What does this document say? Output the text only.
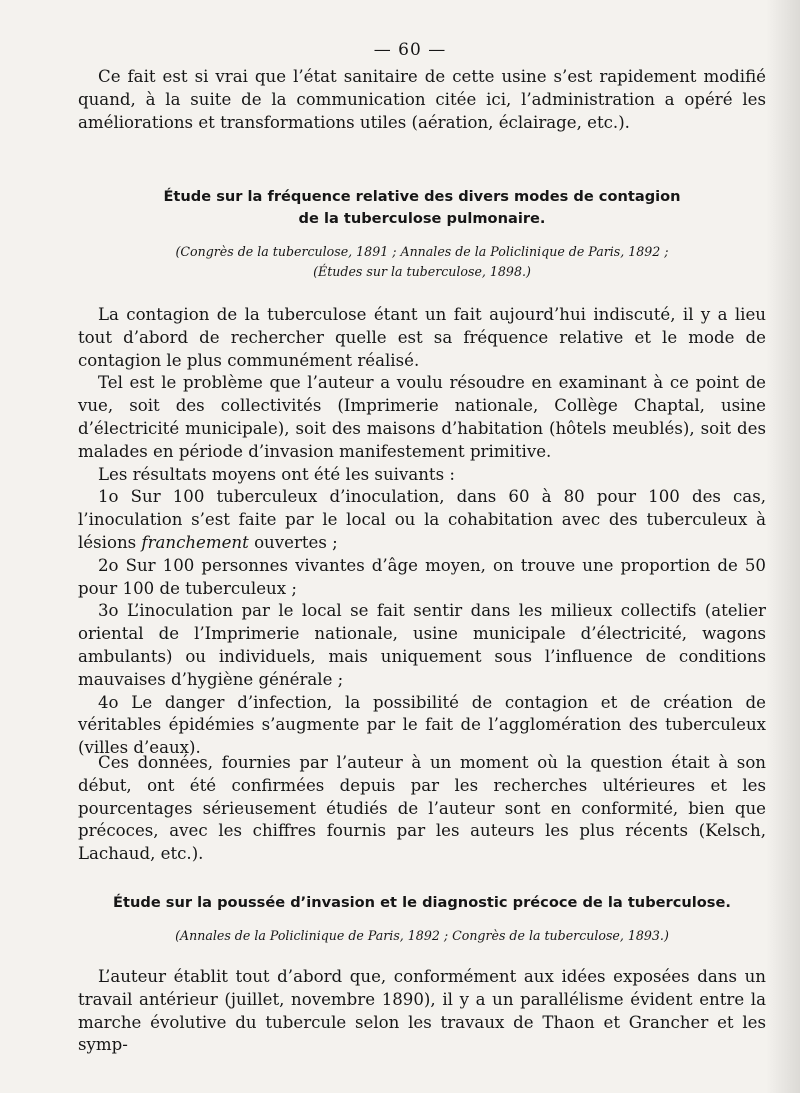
— 60 —

Ce fait est si vrai que l’état sanitaire de cette usine s’est rapidement modifié quand, à la suite de la communication citée ici, l’administration a opéré les améliorations et transformations utiles (aération, éclairage, etc.).

Étude sur la fréquence relative des divers modes de contagion

de la tuberculose pulmonaire.

(Congrès de la tuberculose, 1891 ; Annales de la Policlinique de Paris, 1892 ;

(Études sur la tuberculose, 1898.)

La contagion de la tuberculose étant un fait aujourd’hui indiscuté, il y a lieu tout d’abord de rechercher quelle est sa fréquence relative et le mode de contagion le plus communément réalisé.

Tel est le problème que l’auteur a voulu résoudre en examinant à ce point de vue, soit des collectivités (Imprimerie nationale, Collège Chaptal, usine d’électricité municipale), soit des maisons d’habitation (hôtels meublés), soit des malades en période d’invasion manifestement primitive.

Les résultats moyens ont été les suivants :

1o Sur 100 tuberculeux d’inoculation, dans 60 à 80 pour 100 des cas, l’inoculation s’est faite par le local ou la cohabitation avec des tuberculeux à lésions franchement ouvertes ;

2o Sur 100 personnes vivantes d’âge moyen, on trouve une proportion de 50 pour 100 de tuberculeux ;

3o L’inoculation par le local se fait sentir dans les milieux collectifs (atelier oriental de l’Imprimerie nationale, usine municipale d’électricité, wagons ambulants) ou individuels, mais uniquement sous l’influence de conditions mauvaises d’hygiène générale ;

4o Le danger d’infection, la possibilité de contagion et de création de véritables épidémies s’augmente par le fait de l’agglomération des tuberculeux (villes d’eaux).

Ces données, fournies par l’auteur à un moment où la question était à son début, ont été confirmées depuis par les recherches ultérieures et les pourcentages sérieusement étudiés de l’auteur sont en conformité, bien que précoces, avec les chiffres fournis par les auteurs les plus récents (Kelsch, Lachaud, etc.).

Étude sur la poussée d’invasion et le diagnostic précoce de la tuberculose.

(Annales de la Policlinique de Paris, 1892 ; Congrès de la tuberculose, 1893.)

L’auteur établit tout d’abord que, conformément aux idées exposées dans un travail antérieur (juillet, novembre 1890), il y a un parallélisme évident entre la marche évolutive du tubercule selon les travaux de Thaon et Grancher et les symp-
